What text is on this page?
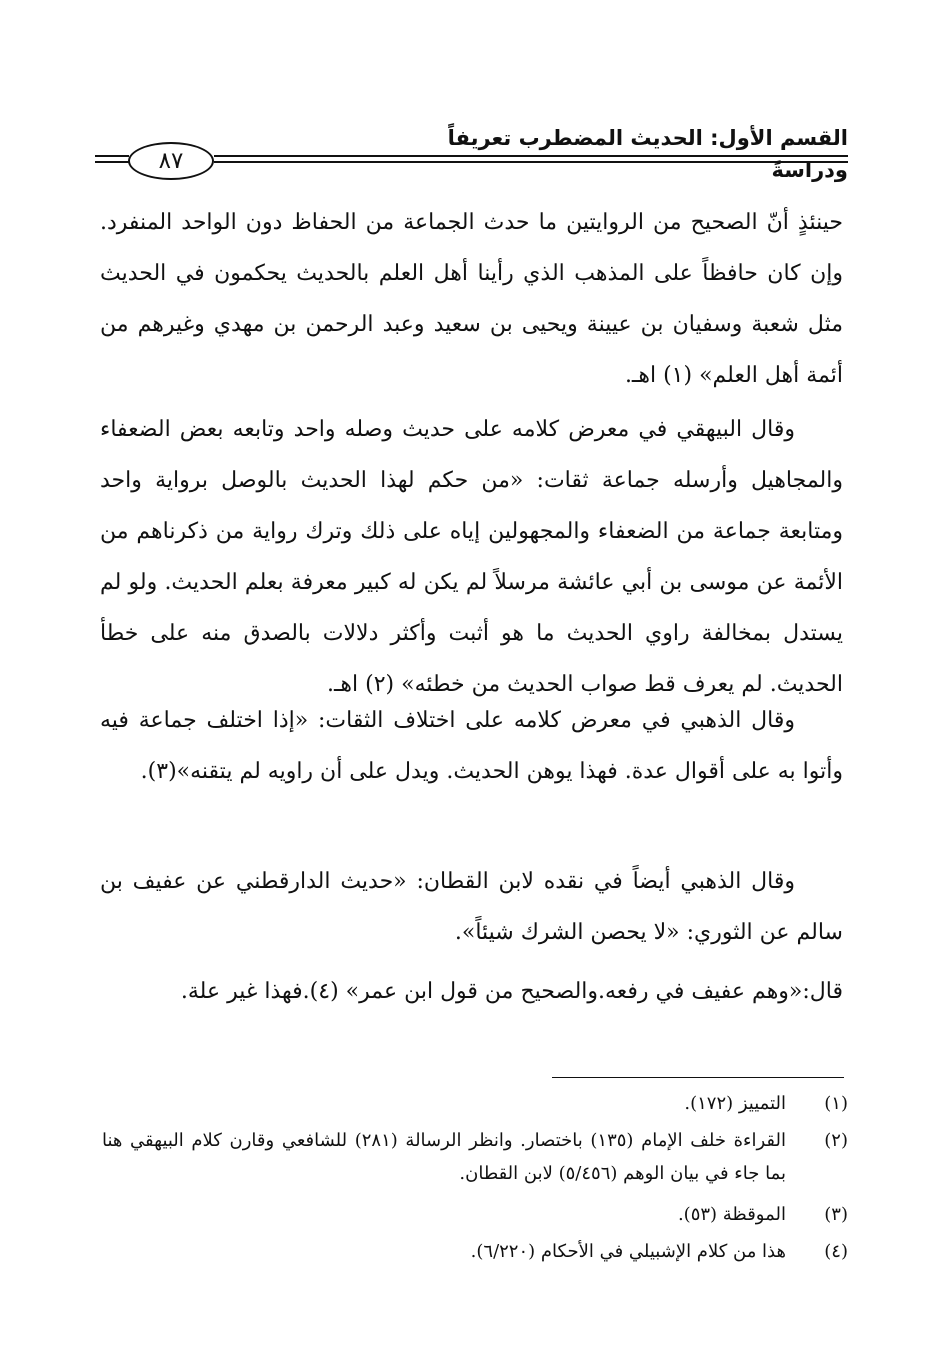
القسم الأول: الحديث المضطرب تعريفاً ودراسةً
٨٧

حينئذٍ أنّ الصحيح من الروايتين ما حدث الجماعة من الحفاظ دون الواحد المنفرد. وإن كان حافظاً على المذهب الذي رأينا أهل العلم بالحديث يحكمون في الحديث مثل شعبة وسفيان بن عيينة ويحيى بن سعيد وعبد الرحمن بن مهدي وغيرهم من أئمة أهل العلم» (١) اهـ.

وقال البيهقي في معرض كلامه على حديث وصله واحد وتابعه بعض الضعفاء والمجاهيل وأرسله جماعة ثقات: «من حكم لهذا الحديث بالوصل برواية واحد ومتابعة جماعة من الضعفاء والمجهولين إياه على ذلك وترك رواية من ذكرناهم من الأئمة عن موسى بن أبي عائشة مرسلاً لم يكن له كبير معرفة بعلم الحديث. ولو لم يستدل بمخالفة راوي الحديث ما هو أثبت وأكثر دلالات بالصدق منه على خطأ الحديث. لم يعرف قط صواب الحديث من خطئه» (٢) اهـ.

وقال الذهبي في معرض كلامه على اختلاف الثقات: «إذا اختلف جماعة فيه وأتوا به على أقوال عدة. فهذا يوهن الحديث. ويدل على أن راويه لم يتقنه»(٣).

وقال الذهبي أيضاً في نقده لابن القطان: «حديث الدارقطني عن عفيف بن سالم عن الثوري: «لا يحصن الشرك شيئاً».

قال:«وهم عفيف في رفعه.والصحيح من قول ابن عمر» (٤).فهذا غير علة.

(١)
التمييز (١٧٢).
(٢)
القراءة خلف الإمام (١٣٥) باختصار. وانظر الرسالة (٢٨١) للشافعي وقارن كلام البيهقي هنا بما جاء في بيان الوهم (٥/٤٥٦) لابن القطان.
(٣)
الموقظة (٥٣).
(٤)
هذا من كلام الإشبيلي في الأحكام (٦/٢٢٠).
